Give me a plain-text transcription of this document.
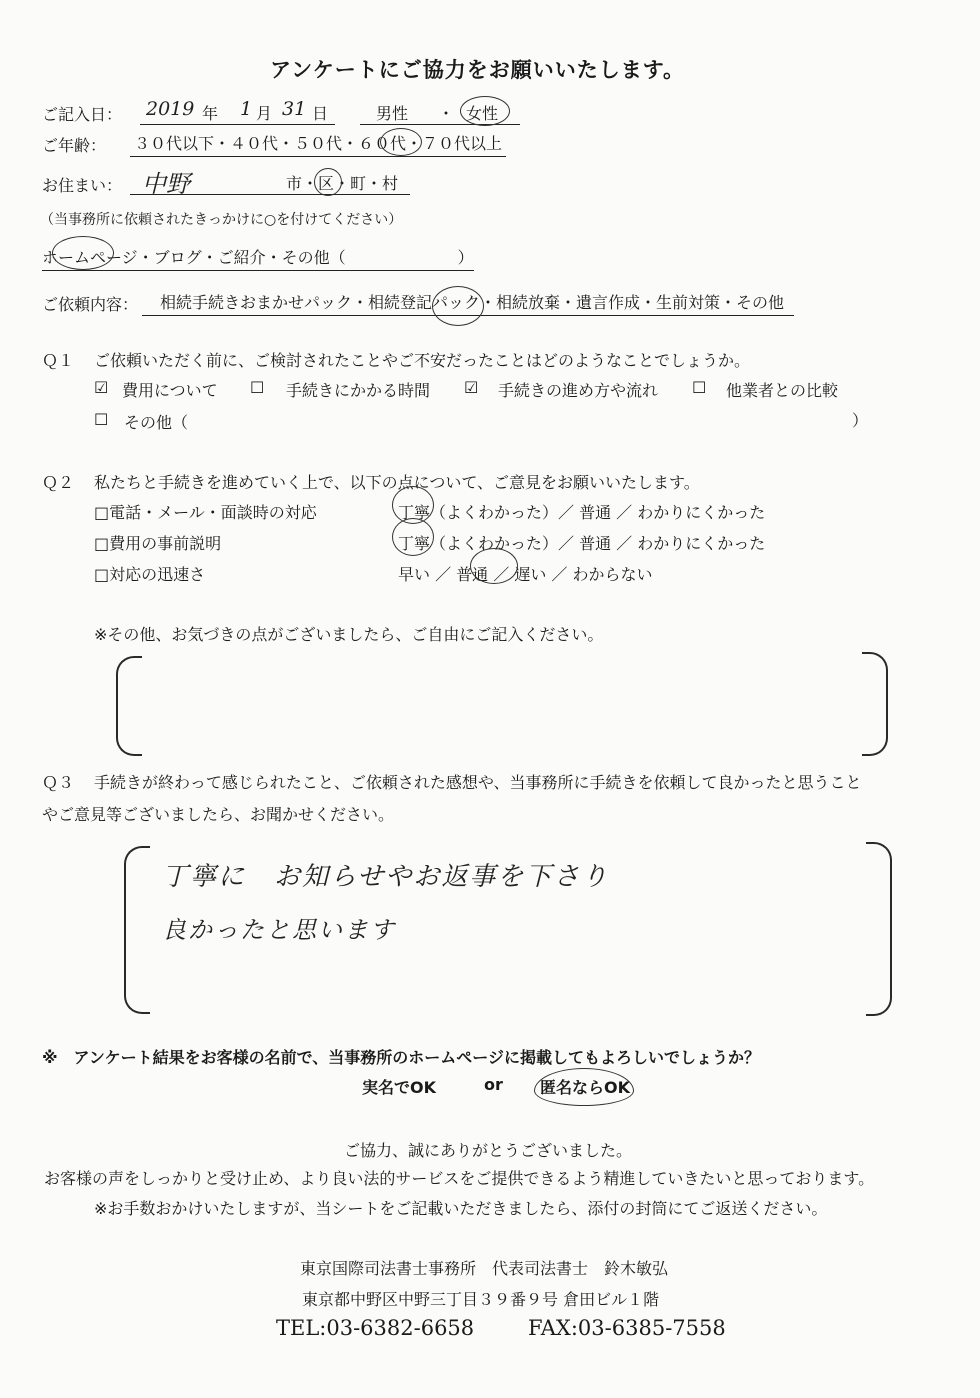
アンケートにご協力をお願いいたします。
ご記入日： 2019 年 1 月 31 日	男性 ・ 女性
ご年齢： ３０代以下・４０代・５０代・６０代・７０代以上
お住まい： 中野	市・区・町・村
（当事務所に依頼されたきっかけに○を付けてください）
ホームページ・ブログ・ご紹介・その他（　　　　　　　）
ご依頼内容：	相続手続きおまかせパック・相続登記パック・相続放棄・遺言作成・生前対策・その他
Ｑ１ ご依頼いただく前に、ご検討されたことやご不安だったことはどのようなことでしょうか。
☑ 費用について ☐ 手続きにかかる時間 ☑ 手続きの進め方や流れ ☐ 他業者との比較
☐ その他（	）
Ｑ２ 私たちと手続きを進めていく上で、以下の点について、ご意見をお願いいたします。
□電話・メール・面談時の対応	丁寧（よくわかった）／ 普通 ／ わかりにくかった
□費用の事前説明	丁寧（よくわかった）／ 普通 ／ わかりにくかった
□対応の迅速さ	早い ／ 普通 ／ 遅い ／ わからない
※その他、お気づきの点がございましたら、ご自由にご記入ください。
Ｑ３ 手続きが終わって感じられたこと、ご依頼された感想や、当事務所に手続きを依頼して良かったと思うこと
やご意見等ございましたら、お聞かせください。
丁寧に　お知らせやお返事を下さり
良かったと思います
※　アンケート結果をお客様の名前で、当事務所のホームページに掲載してもよろしいでしょうか？
実名でOK	or 匿名ならOK
ご協力、誠にありがとうございました。
お客様の声をしっかりと受け止め、より良い法的サービスをご提供できるよう精進していきたいと思っております。
※お手数おかけいたしますが、当シートをご記載いただきましたら、添付の封筒にてご返送ください。
東京国際司法書士事務所　代表司法書士　鈴木敏弘
東京都中野区中野三丁目３９番９号 倉田ビル１階
TEL:03-6382-6658	FAX:03-6385-7558
